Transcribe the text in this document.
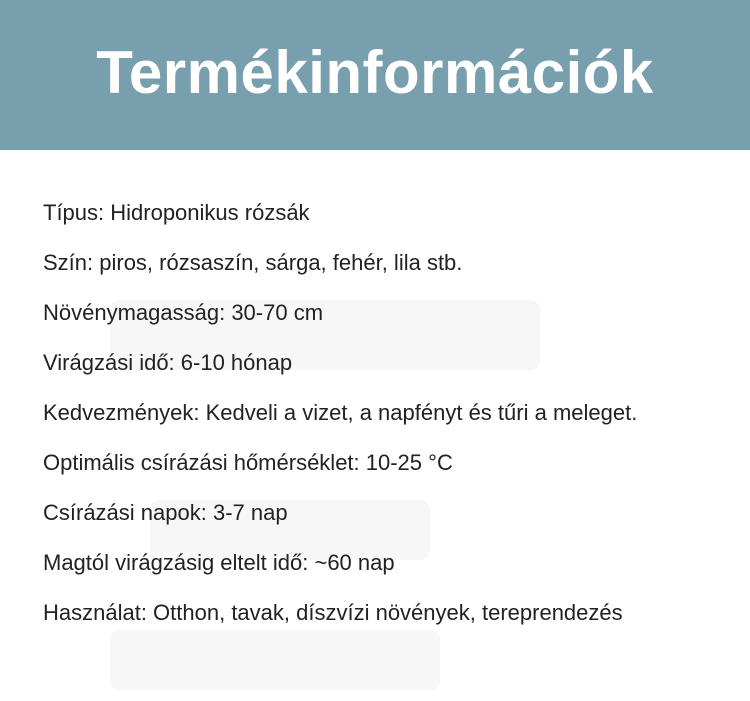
Termékinformációk
Típus: Hidroponikus rózsák
Szín: piros, rózsaszín, sárga, fehér, lila stb.
Növénymagasság: 30-70 cm
Virágzási idő: 6-10 hónap
Kedvezmények: Kedveli a vizet, a napfényt és tűri a meleget.
Optimális csírázási hőmérséklet: 10-25 °C
Csírázási napok: 3-7 nap
Magtól virágzásig eltelt idő: ~60 nap
Használat: Otthon, tavak, díszvízi növények, tereprendezés
